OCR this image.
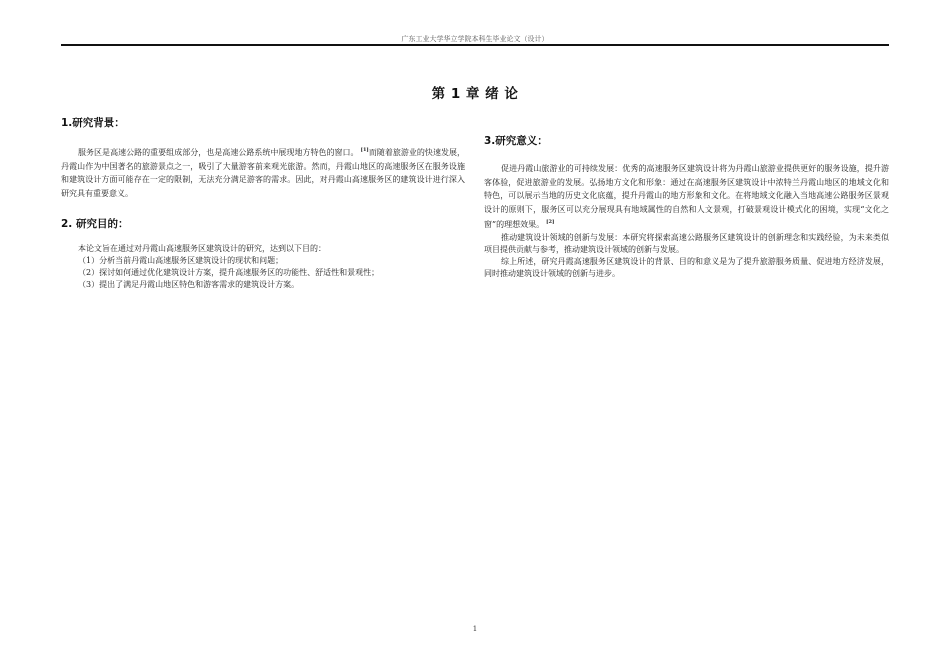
广东工业大学华立学院本科生毕业论文（设计）
第 1 章 绪 论
1.研究背景：

服务区是高速公路的重要组成部分，也是高速公路系统中展现地方特色的窗口。 [1]而随着旅游业的快速发展，丹霞山作为中国著名的旅游景点之一，吸引了大量游客前来观光旅游。然而，丹霞山地区的高速服务区在服务设施和建筑设计方面可能存在一定的限制，无法充分满足游客的需求。因此，对丹霞山高速服务区的建筑设计进行深入研究具有重要意义。

2. 研究目的：

本论文旨在通过对丹霞山高速服务区建筑设计的研究，达到以下目的：

（1）分析当前丹霞山高速服务区建筑设计的现状和问题；

（2）探讨如何通过优化建筑设计方案，提升高速服务区的功能性、舒适性和景观性；

（3）提出了满足丹霞山地区特色和游客需求的建筑设计方案。

3.研究意义：

促进丹霞山旅游业的可持续发展：优秀的高速服务区建筑设计将为丹霞山旅游业提供更好的服务设施，提升游客体验，促进旅游业的发展。弘扬地方文化和形象：通过在高速服务区建筑设计中浓特兰丹霞山地区的地域文化和特色，可以展示当地的历史文化底蕴，提升丹霞山的地方形象和文化。在将地域文化融入当地高速公路服务区景观设计的原则下，服务区可以充分展现具有地域属性的自然和人文景观，打破景观设计模式化的困境，实现“文化之窗”的理想效果。 [2]

推动建筑设计领域的创新与发展：本研究将探索高速公路服务区建筑设计的创新理念和实践经验，为未来类似项目提供贡献与参考，推动建筑设计领域的创新与发展。

综上所述，研究丹霞高速服务区建筑设计的背景、目的和意义是为了提升旅游服务质量、促进地方经济发展，同时推动建筑设计领域的创新与进步。

1
